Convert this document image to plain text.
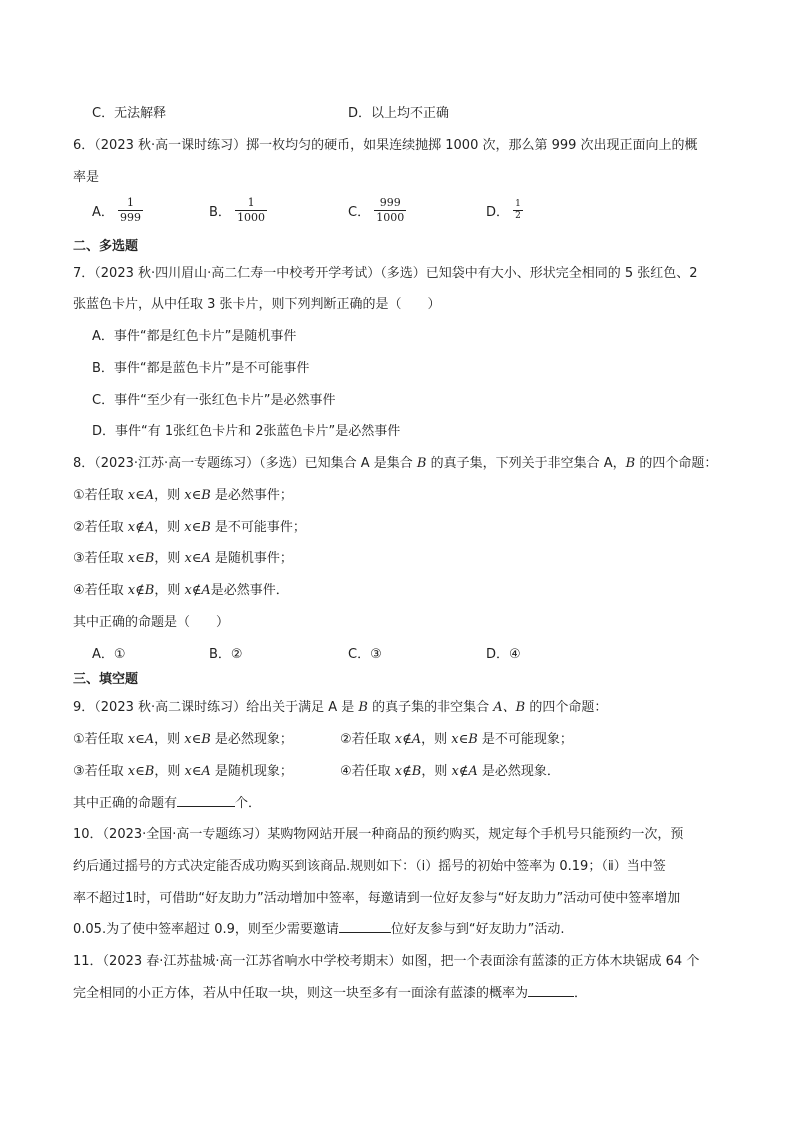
C．无法解释	D．以上均不正确
6．（2023 秋·高一课时练习）掷一枚均匀的硬币，如果连续抛掷 1000 次，那么第 999 次出现正面向上的概
率是
A． $\frac{1}{999}$	B． $\frac{1}{1000}$	C． $\frac{999}{1000}$	D． $\frac{1}{2}$
二、多选题
7．（2023 秋·四川眉山·高二仁寿一中校考开学考试）（多选）已知袋中有大小、形状完全相同的 5 张红色、2
张蓝色卡片，从中任取 3 张卡片，则下列判断正确的是（　　）
A．事件“都是红色卡片”是随机事件
B．事件“都是蓝色卡片”是不可能事件
C．事件“至少有一张红色卡片”是必然事件
D．事件“有 1张红色卡片和 2张蓝色卡片”是必然事件
8．（2023·江苏·高一专题练习）（多选）已知集合 A 是集合 B 的真子集，下列关于非空集合 A，B 的四个命题：
①若任取 x∈A，则 x∈B 是必然事件；
②若任取 x∉A，则 x∈B 是不可能事件；
③若任取 x∈B，则 x∈A 是随机事件；
④若任取 x∉B，则 x∉A是必然事件．
其中正确的命题是（　　）
A．①	B．②	C．③	D．④
三、填空题
9．（2023 秋·高二课时练习）给出关于满足 A 是 B 的真子集的非空集合 A、B 的四个命题：
①若任取 x∈A，则 x∈B 是必然现象；	②若任取 x∉A，则 x∈B 是不可能现象；
③若任取 x∈B，则 x∈A 是随机现象；	④若任取 x∉B，则 x∉A 是必然现象．
其中正确的命题有	个．
10．（2023·全国·高一专题练习）某购物网站开展一种商品的预约购买，规定每个手机号只能预约一次，预
约后通过摇号的方式决定能否成功购买到该商品.规则如下：（ⅰ）摇号的初始中签率为 0.19；（ⅱ）当中签
率不超过1时，可借助“好友助力”活动增加中签率，每邀请到一位好友参与“好友助力”活动可使中签率增加
0.05.为了使中签率超过 0.9，则至少需要邀请	位好友参与到“好友助力”活动.
11．（2023 春·江苏盐城·高一江苏省响水中学校考期末）如图，把一个表面涂有蓝漆的正方体木块锯成 64 个
完全相同的小正方体，若从中任取一块，则这一块至多有一面涂有蓝漆的概率为	．
